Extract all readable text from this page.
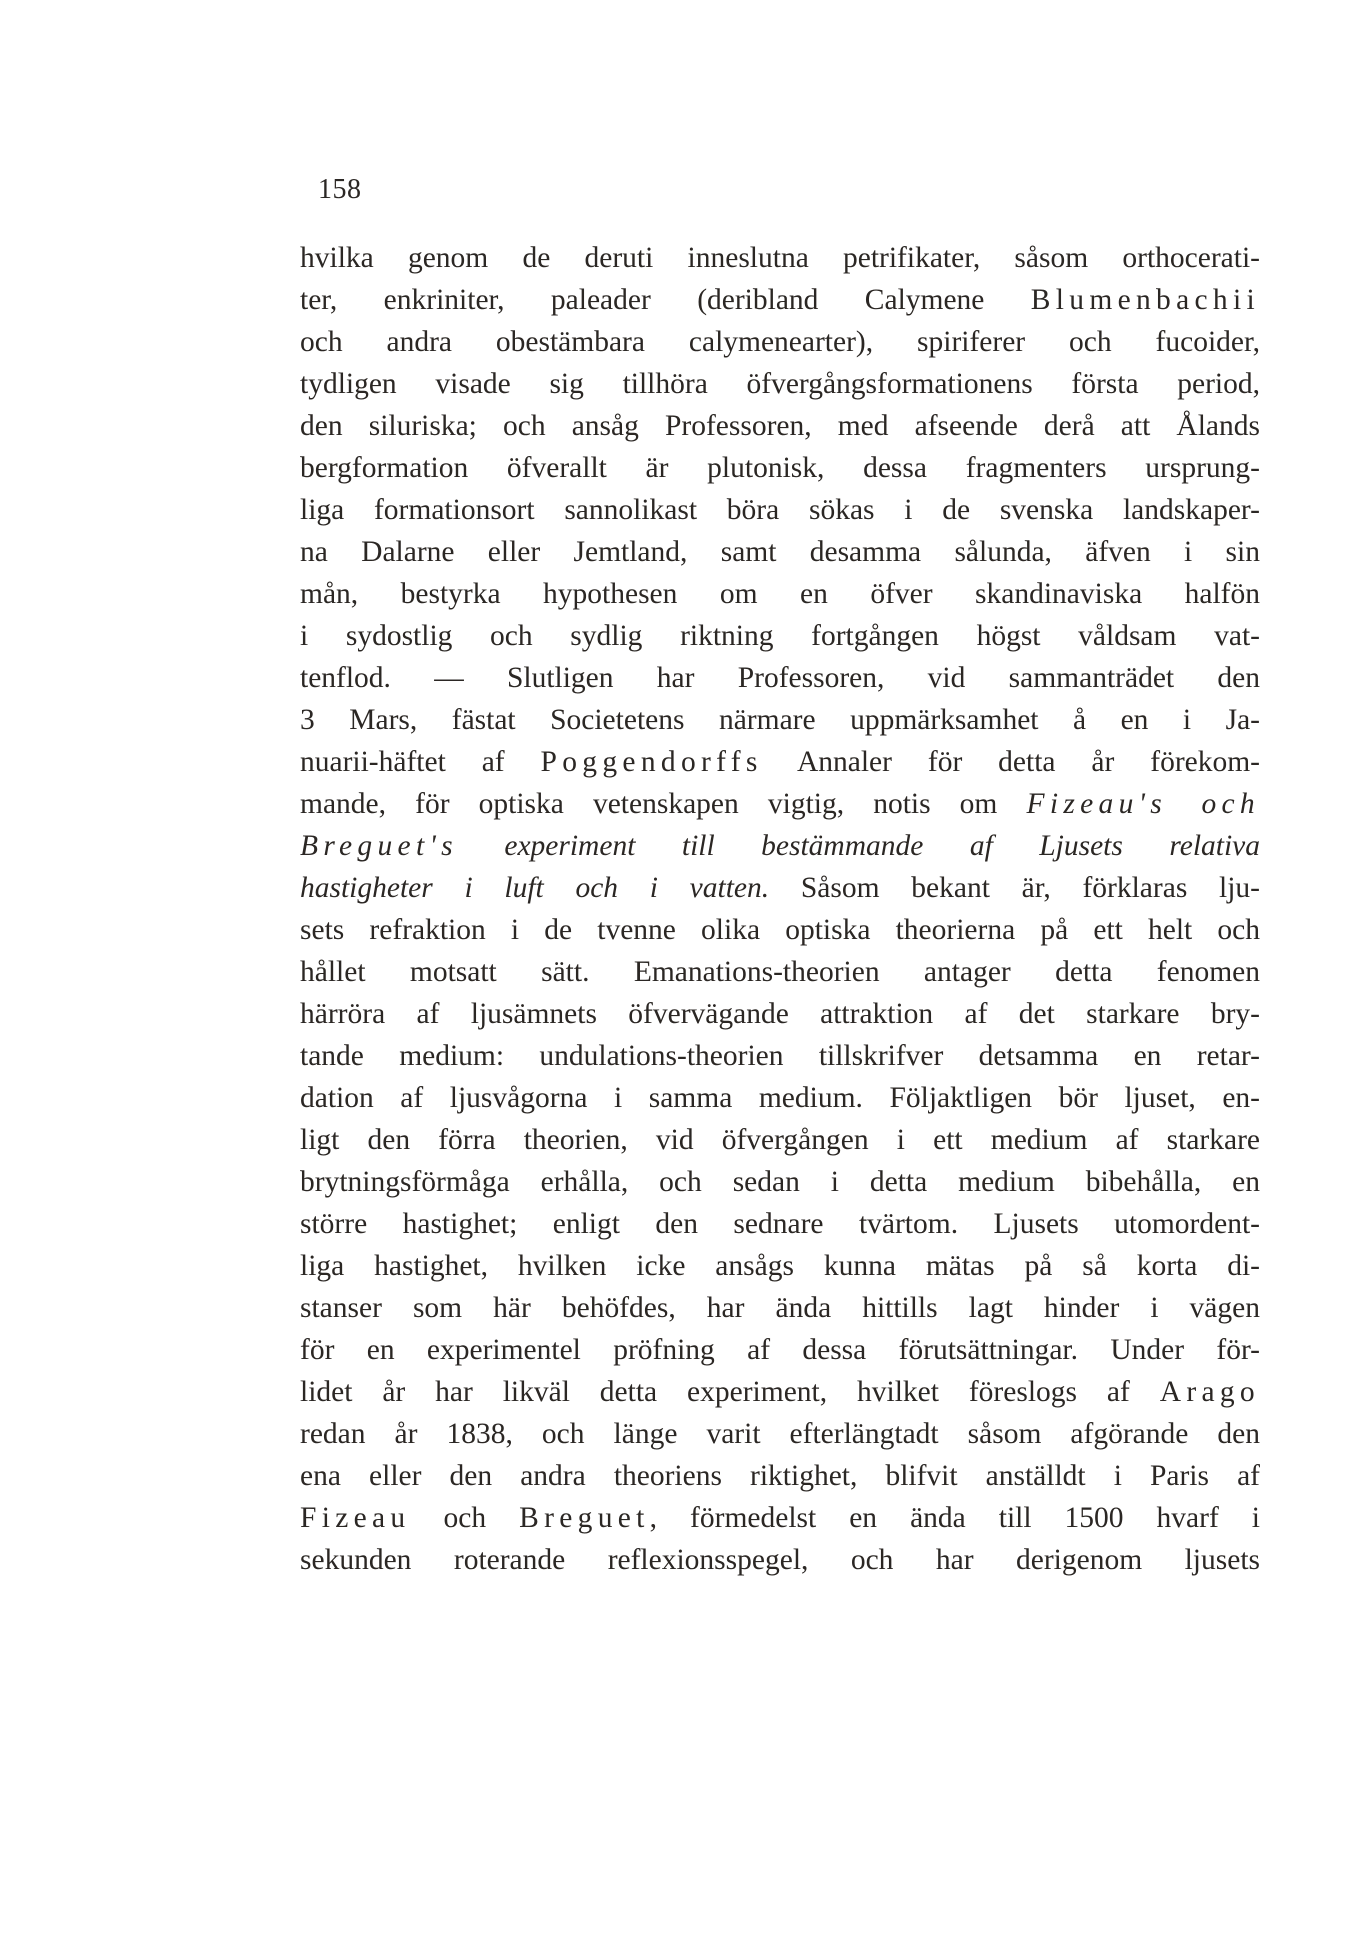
158
hvilka genom de deruti inneslutna petrifikater, såsom orthocerati-
ter, enkriniter, paleader (deribland Calymene Blumenbachii
och andra obestämbara calymenearter), spiriferer och fucoider,
tydligen visade sig tillhöra öfvergångsformationens första period,
den siluriska; och ansåg Professoren, med afseende derå att Ålands
bergformation öfverallt är plutonisk, dessa fragmenters ursprung-
liga formationsort sannolikast böra sökas i de svenska landskaper-
na Dalarne eller Jemtland, samt desamma sålunda, äfven i sin
mån, bestyrka hypothesen om en öfver skandinaviska halfön
i sydostlig och sydlig riktning fortgången högst våldsam vat-
tenflod. — Slutligen har Professoren, vid sammanträdet den
3 Mars, fästat Societetens närmare uppmärksamhet å en i Ja-
nuarii-häftet af Poggendorffs Annaler för detta år förekom-
mande, för optiska vetenskapen vigtig, notis om Fizeau's och
Breguet's experiment till bestämmande af Ljusets relativa
hastigheter i luft och i vatten. Såsom bekant är, förklaras lju-
sets refraktion i de tvenne olika optiska theorierna på ett helt och
hållet motsatt sätt. Emanations-theorien antager detta fenomen
härröra af ljusämnets öfvervägande attraktion af det starkare bry-
tande medium: undulations-theorien tillskrifver detsamma en retar-
dation af ljusvågorna i samma medium. Följaktligen bör ljuset, en-
ligt den förra theorien, vid öfvergången i ett medium af starkare
brytningsförmåga erhålla, och sedan i detta medium bibehålla, en
större hastighet; enligt den sednare tvärtom. Ljusets utomordent-
liga hastighet, hvilken icke ansågs kunna mätas på så korta di-
stanser som här behöfdes, har ända hittills lagt hinder i vägen
för en experimentel pröfning af dessa förutsättningar. Under för-
lidet år har likväl detta experiment, hvilket föreslogs af Arago
redan år 1838, och länge varit efterlängtadt såsom afgörande den
ena eller den andra theoriens riktighet, blifvit anställdt i Paris af
Fizeau och Breguet, förmedelst en ända till 1500 hvarf i
sekunden roterande reflexionsspegel, och har derigenom ljusets
